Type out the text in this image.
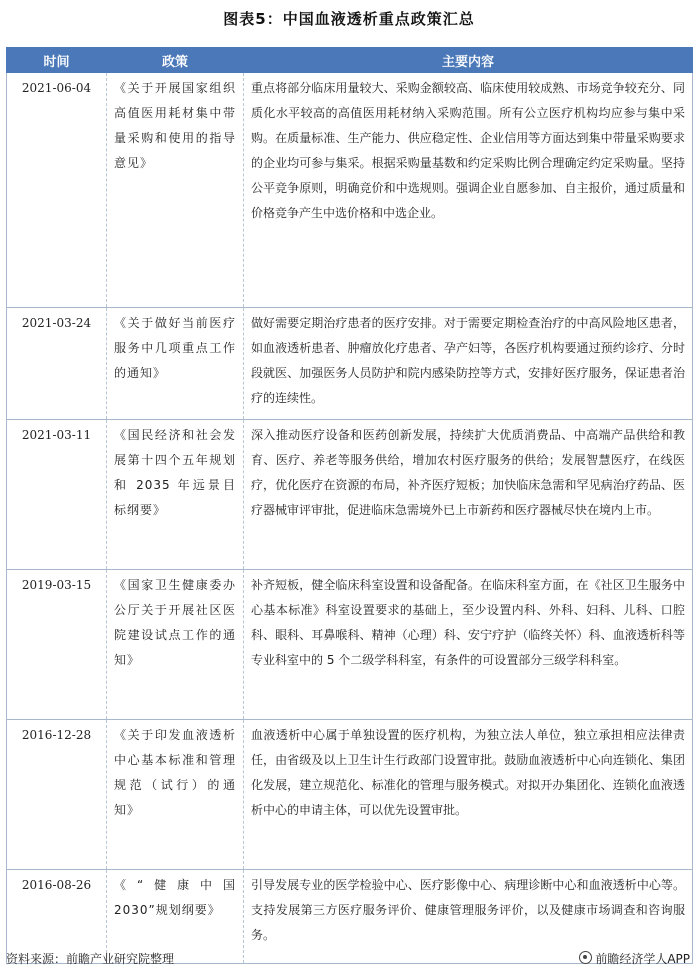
图表5：中国血液透析重点政策汇总
时间	政策	主要内容
2021-06-04	《关于开展国家组织高值医用耗材集中带量采购和使用的指导意见》	重点将部分临床用量较大、采购金额较高、临床使用较成熟、市场竞争较充分、同质化水平较高的高值医用耗材纳入采购范围。所有公立医疗机构均应参与集中采购。在质量标准、生产能力、供应稳定性、企业信用等方面达到集中带量采购要求的企业均可参与集采。根据采购量基数和约定采购比例合理确定约定采购量。坚持公平竞争原则，明确竞价和中选规则。强调企业自愿参加、自主报价，通过质量和价格竞争产生中选价格和中选企业。
2021-03-24	《关于做好当前医疗服务中几项重点工作的通知》	做好需要定期治疗患者的医疗安排。对于需要定期检查治疗的中高风险地区患者，如血液透析患者、肿瘤放化疗患者、孕产妇等，各医疗机构要通过预约诊疗、分时段就医、加强医务人员防护和院内感染防控等方式，安排好医疗服务，保证患者治疗的连续性。
2021-03-11	《国民经济和社会发展第十四个五年规划和 2035 年远景目标纲要》	深入推动医疗设备和医药创新发展，持续扩大优质消费品、中高端产品供给和教育、医疗、养老等服务供给，增加农村医疗服务的供给；发展智慧医疗，在线医疗，优化医疗在资源的布局，补齐医疗短板；加快临床急需和罕见病治疗药品、医疗器械审评审批，促进临床急需境外已上市新药和医疗器械尽快在境内上市。
2019-03-15	《国家卫生健康委办公厅关于开展社区医院建设试点工作的通知》	补齐短板，健全临床科室设置和设备配备。在临床科室方面，在《社区卫生服务中心基本标准》科室设置要求的基础上，至少设置内科、外科、妇科、儿科、口腔科、眼科、耳鼻喉科、精神（心理）科、安宁疗护（临终关怀）科、血液透析科等专业科室中的 5 个二级学科科室，有条件的可设置部分三级学科科室。
2016-12-28	《关于印发血液透析中心基本标准和管理规范（试行）的通知》	血液透析中心属于单独设置的医疗机构，为独立法人单位，独立承担相应法律责任，由省级及以上卫生计生行政部门设置审批。鼓励血液透析中心向连锁化、集团化发展，建立规范化、标准化的管理与服务模式。对拟开办集团化、连锁化血液透析中心的申请主体，可以优先设置审批。
2016-08-26	《“健康中国 2030”规划纲要》	引导发展专业的医学检验中心、医疗影像中心、病理诊断中心和血液透析中心等。支持发展第三方医疗服务评价、健康管理服务评价，以及健康市场调查和咨询服务。
资料来源：前瞻产业研究院整理	前瞻经济学人APP
